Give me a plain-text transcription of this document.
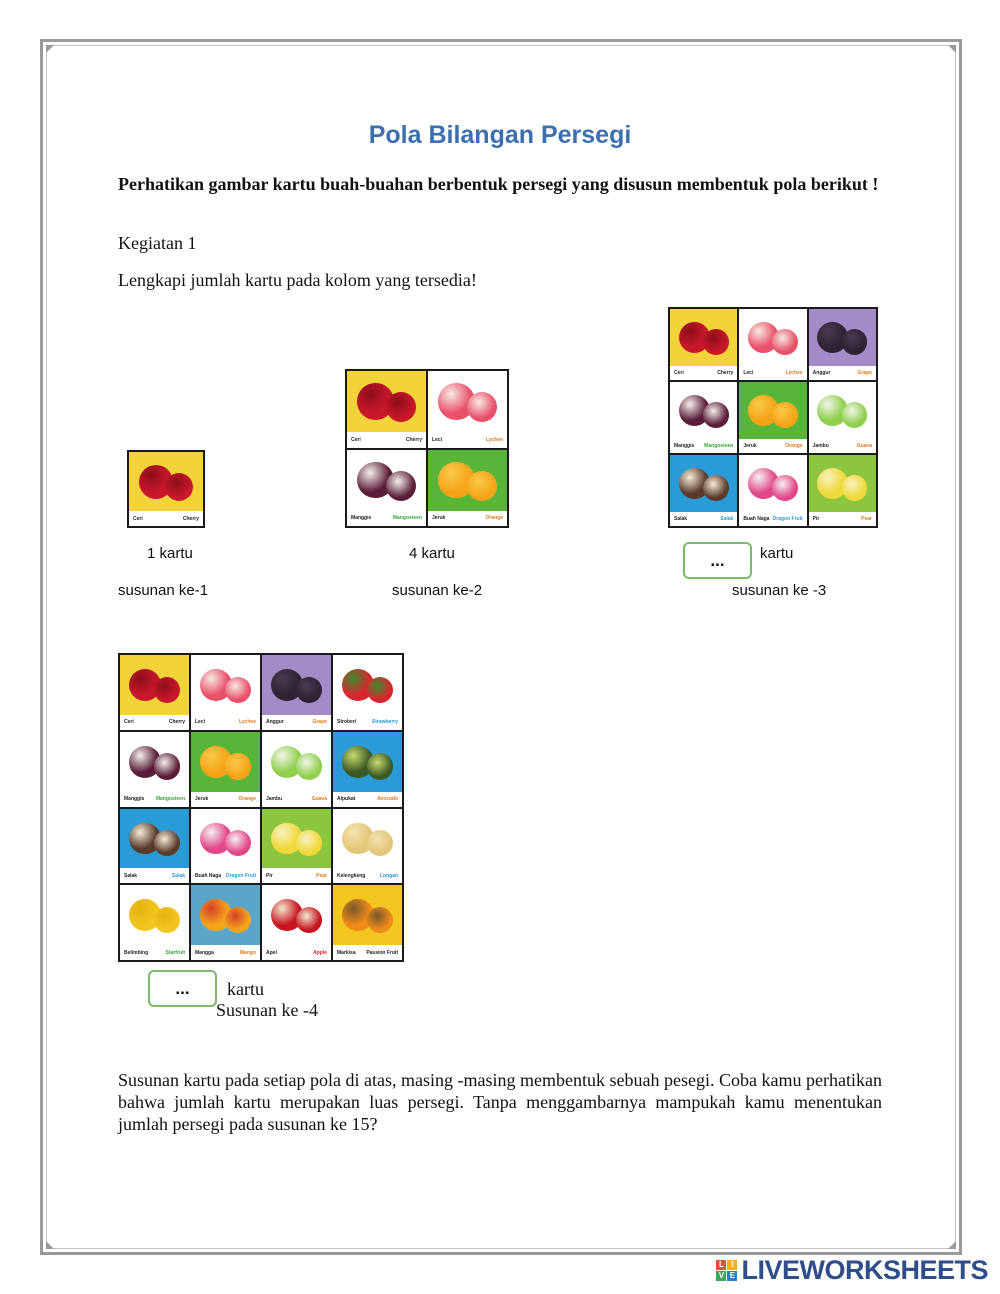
Pola Bilangan Persegi
Perhatikan gambar kartu buah-buahan berbentuk persegi yang disusun membentuk pola berikut !
Kegiatan 1
Lengkapi jumlah kartu pada kolom yang tersedia!
Ceri	Cherry
1 kartu
susunan ke-1
Ceri	Cherry Leci	Lychee
Manggis	Mangosteen Jeruk	Orange
4 kartu
susunan ke-2
Ceri	Cherry Leci	Lychee Anggur	Grape
Manggis Mangosteen Jeruk	Orange Jambu	Guava
Salak	Salak Buah Naga Dragon Fruit Pir	Pear
...	kartu
susunan ke -3
Ceri	Cherry Leci	Lychee Anggur	Grape Stroberi	Strawberry
Manggis Mangosteen Jeruk	Orange Jambu	Guava Alpukat	Avocado
Salak	Salak Buah Naga Dragon Fruit Pir	Pear Kelengkeng	Longan
Belimbing	Starfruit Mangga	Mango Apel	Apple Markisa Passion Fruit
...	kartu
Susunan ke -4
Susunan kartu pada setiap pola di atas, masing -masing membentuk sebuah pesegi. Coba kamu perhatikan bahwa jumlah kartu merupakan luas persegi. Tanpa menggambarnya mampukah kamu menentukan jumlah persegi pada susunan ke 15?
L I
V E LIVEWORKSHEETS
